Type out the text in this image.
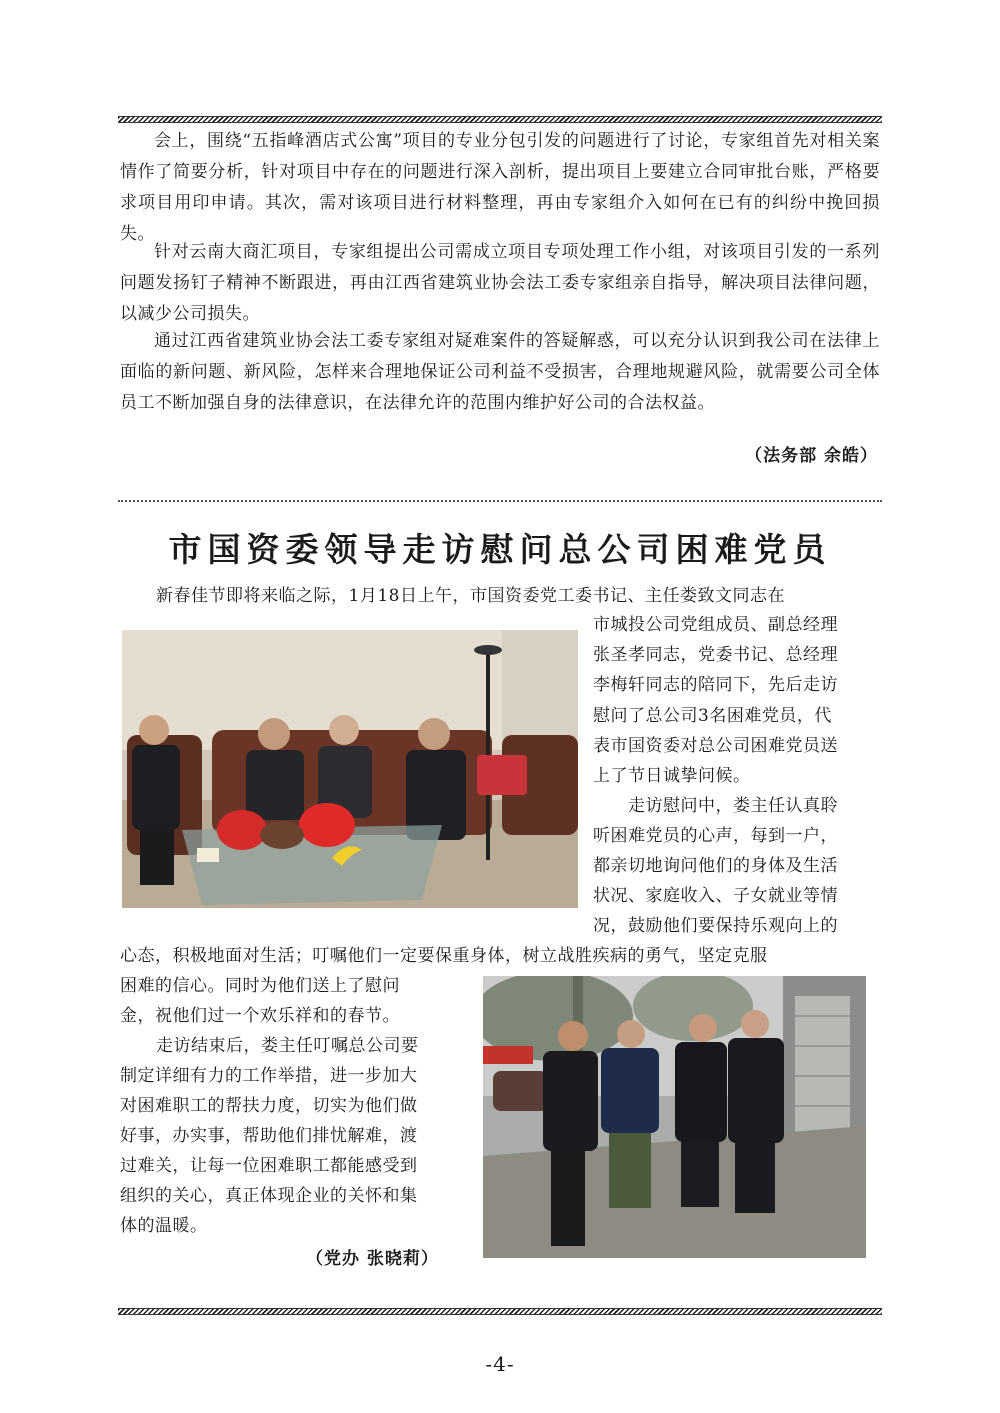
会上，围绕“五指峰酒店式公寓”项目的专业分包引发的问题进行了讨论，专家组首先对相关案情作了简要分析，针对项目中存在的问题进行深入剖析，提出项目上要建立合同审批台账，严格要求项目用印申请。其次，需对该项目进行材料整理，再由专家组介入如何在已有的纠纷中挽回损失。

针对云南大商汇项目，专家组提出公司需成立项目专项处理工作小组，对该项目引发的一系列问题发扬钉子精神不断跟进，再由江西省建筑业协会法工委专家组亲自指导，解决项目法律问题，以减少公司损失。

通过江西省建筑业协会法工委专家组对疑难案件的答疑解惑，可以充分认识到我公司在法律上面临的新问题、新风险，怎样来合理地保证公司利益不受损害，合理地规避风险，就需要公司全体员工不断加强自身的法律意识，在法律允许的范围内维护好公司的合法权益。

（法务部 余皓）
市国资委领导走访慰问总公司困难党员
新春佳节即将来临之际，1月18日上午，市国资委党工委书记、主任娄致文同志在
市城投公司党组成员、副总经理
张圣孝同志，党委书记、总经理
李梅轩同志的陪同下，先后走访
慰问了总公司3名困难党员，代
表市国资委对总公司困难党员送
上了节日诚挚问候。
走访慰问中，娄主任认真聆
听困难党员的心声，每到一户，
都亲切地询问他们的身体及生活
状况、家庭收入、子女就业等情
况，鼓励他们要保持乐观向上的
心态，积极地面对生活；叮嘱他们一定要保重身体，树立战胜疾病的勇气，坚定克服
困难的信心。同时为他们送上了慰问
金，祝他们过一个欢乐祥和的春节。
走访结束后，娄主任叮嘱总公司要
制定详细有力的工作举措，进一步加大
对困难职工的帮扶力度，切实为他们做
好事，办实事，帮助他们排忧解难，渡
过难关，让每一位困难职工都能感受到
组织的关心，真正体现企业的关怀和集
体的温暖。
（党办 张晓莉）
-4-
